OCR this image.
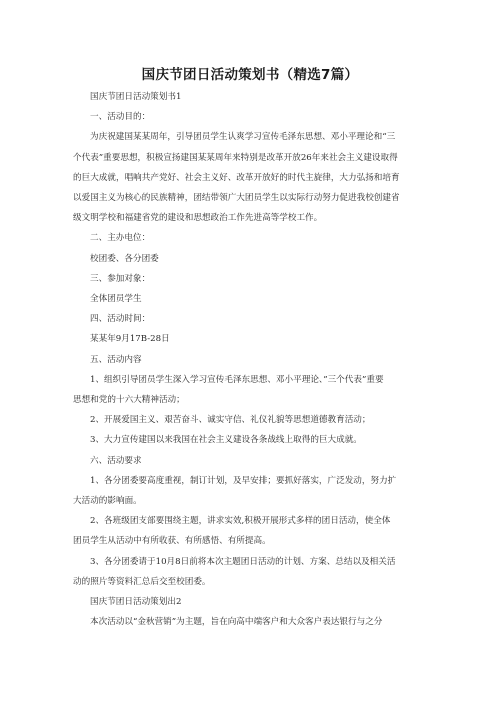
国庆节团日活动策划书（精选7篇）

国庆节团日活动策划书1

一、活动目的：

为庆祝建国某某周年，引导团员学生认爽学习宣传毛泽东思想、邓小平理论和“三

个代表”重要思想，积极宣扬建国某某周年来特别是改革开放26年来社会主义建设取得

的巨大成就，唱响共产党好、社会主义好、改革开放好的时代主旋律，大力弘扬和培育

以爱国主义为核心的民族精神，团结带领广大团员学生以实际行动努力促进我校创建省

级文明学校和福建省党的建设和思想政治工作先进高等学校工作。

二、主办电位：

校团委、各分团委

三、参加对象：

全体团员学生

四、活动时间：

某某年9月17B-28日

五、活动内容

1、组织引导团员学生深入学习宣传毛泽东思想、邓小平理论、”三个代表”重要

思想和党的十六大精神活动；

2、开展爱国主义、艰苦奋斗、诚实守信、礼仪礼貌等思想道德教育活动；

3、大力宣传建国以来我国在社会主义建设各条战线上取得的巨大成就。

六、活动要求

1、各分团委要高度重视，制订计划，及早安排；要抓好落实，广泛发动，努力扩

大活动的影响面。

2、各班级团支部要围绕主题，讲求实效,积极开展形式多样的团日活动，使全体

团员学生从活动中有所收获、有所感悟、有所提高。

3、各分团委请于10月8日前将本次主题团日活动的计划、方案、总结以及相关活

动的照片等资料汇总后交至校团委。

国庆节团日活动策划出2

本次活动以“金秋营销”为主题，旨在向高中端客户和大众客户表达银行与之分
